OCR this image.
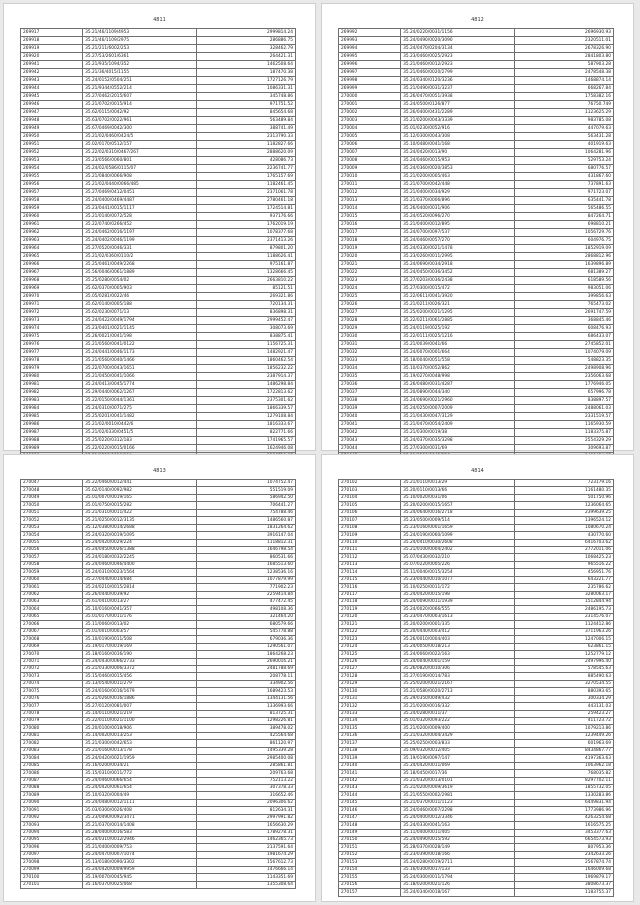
4811
269917	35.21/46/1109/4953	2999814.24
269918	35.21/46/1109/2975	286886.75
269919	35.21/211/6002/253	328462.79
269920	35.27/53/2601/6361	264421.31
269941	35.21/935/1094/352	1462508.64
269942	35.21/36/4015/1155	187470.38
269943	35.24/0152/0504/251	1727126.79
269944	35.21/9344/0552/214	1086331.31
269945	35.27/0462/2015/607	345748.86
269946	35.21/0702/0015/914	971751.52
269947	35.62/0115/0042/92	845654.68
269948	35.63/0702/0022/961	563489.84
269949	35.67/0469/0042/300	388741.49
269950	35.21/02/0460/0424/5	2313790.33
269951	35.02/0170/0512/157	1182827.66
269952	35.22/02/0310/0467/267	2888620.09
269953	35.23/0566/0060/801	428086.73
269954	35.24/02/0586/0115/07	2236741.77
269955	35.21/0840/0066/908	1765157.69
269956	35.21/02/0440/0066/485	1182461.45
269957	35.27/0469/0412/0451	2371061.78
269958	35.24/0400/0469/4487	2780461.18
269959	35.23/0441/0015/1117	1724514.81
269960	35.21/0140/0072/528	937176.66
269961	35.22/0740/0266/452	1762019.19
269962	35.24/0462/0016/1197	1078377.68
269963	35.24/0402/0046/1199	2371413.26
269964	35.27/0520/0046/331	879801.20
269965	35.21/02/0360/0110/2	1188626.41
269966	35.25/0461/0049/2268	975161.87
269967	35.56/0046/0061/1889	1328666.45
269968	35.25/0280/0054/02	2663810.22
269969	35.62/0370/0005/903	85121.51
269970	35.05/0281/0022/46	269321.86
269971	35.62/0140/0005/188	720134.31
269972	35.62/0230/0071/13	836898.31
269973	35.24/0422/0049/1794	2999452.47
269974	35.23/0401/0021/1145	308073.69
269975	35.26/0021/0041/198	838875.41
269976	35.21/0560/0041/0122	1156725.31
269977	35.24/0441/0046/1173	1482921.47
269978	35.21/0560/0040/1466	1860462.54
269979	35.22/0700/0043/1651	1856232.22
269980	35.21/0450/0041/1066	2387914.37
269981	35.24/0413/0045/1774	1486298.84
269982	35.29/0440/0062/1267	1722813.62
269983	35.22/0150/0044/1361	2375301.62
269984	35.24/0310/0071/275	1866339.57
269985	35.25/0201/0041/1482	1279108.84
269986	35.21/02/0010/0442/6	1816333.67
269987	35.21/02/0330/0451/5	822771.66
269988	35.25/0220/0312/183	1741965.57
269989	35.22/0220/0015/0166	1624946.08

4812
269992	35.24/0220/0031/1156	2696930.93
269993	35.24/0490/0020/3090	2320511.01
269994	35.24/0470/0204/3134	2678326.90
269995	35.23/0460/0025/2923	2841803.80
269996	35.21/0460/0012/2923	587903.28
269997	35.21/0460/0020/2799	2478548.38
269998	35.24/0340/0120/3236	1468874.14
269999	35.21/0490/0031/3237	668267.84
270000	35.26/0470/0051/3938	1758382.16
270001	35.24/0500/0126/877	76750.749
270002	35.26/0400/0431/2289	1123625.29
270003	35.21/0200/0043/3339	983785.08
270004	35.01/0230/0052/916	447079.63
270005	35.12/0300/0043/308	563431.28
270006	35.10/0480/0041/168	401919.63
270007	35.24/0420/0013/90	1064281.96
270008	35.24/0460/0015/953	529753.24
270009	35.24/0360/0020/3853	680776.57
270010	35.21/0200/0005/463	431867.60
270011	35.21/0700/0042/448	737891.63
270012	35.21/0400/0034/929	971723.07
270013	35.21/0370/0006/896	635441.78
270014	35.26/0400/0031/906	565486.55
270015	35.24/0520/0096/270	847264.71
270016	35.21/0400/0012/895	698810.21
270017	35.24/0700/0097/537	1056729.76
270018	35.24/0460/0057/270	604976.75
270019	35.24/0330/0021/1478	1852919.09
270020	35.23/0260/0011/2995	2868812.96
270021	35.24/0690/0034/2918	1639896.89
270022	35.24/0450/0036/3452	681389.27
270023	35.27/0203/0036/2438	618589.56
270024	35.27/0300/0015/472	983051.06
270025	35.22/0611/0041/3920	399856.63
270026	35.21/0211/0026/321	765473.02
270027	35.25/0200/0021/1295	2691747.59
270028	35.22/0211/0061/2885	368845.46
270029	35.24/0119/0025/192	608476.93
270030	35.22/0111/0025/1216	686433.07
270031	35.21/0039/0041/66	2745852.01
270032	35.24/0070/0001/664	1074079.09
270033	35.18/0040/0051/558	548823.35
270034	35.10/0370/0052/862	2498908.96
270035	35.19/0270/0048/998	2356063.68
270036	35.26/0480/0031/4287	1776946.05
270037	35.20/0890/0044/340	657996.78
270038	35.24/0690/0021/2960	838897.57
270039	35.24/0250/0007/2009	2488061.03
270040	35.21/0430/0047/3129	2331519.57
270041	35.21/0470/0054/2409	1165930.59
270042	35.21/0300/0019/38	1183375.87
270043	35.24/0370/0035/3298	2554329.29
270044	35.27/0300/0031/69	309693.87

4813
270047	35.22/0460/0012/441	1074752.47
270048	35.62/0140/0092/982	551519.09
270049	35.01/0070/0019/165	586942.50
270050	35.01/0750/0015/282	706441.27
270051	35.21/0310/0011/422	754788.46
270052	35.21/0250/0012/3135	1486560.87
270053	35.12/0380/0014/2688	1831264.62
270054	35.24/0320/0019/1095	3916147.04
270055	35.24/0420/0029/224	1118812.31
270056	35.24/0450/0026/1388	1646798.54
270057	35.24/0180/0032/2245	860531.66
270058	35.24/0460/0046/4400	1685513.60
270059	35.24/0310/0023/1564	1238536.16
270060	35.27/0440/0014/684	1077879.99
270061	35.24/0210/0015/2814	771902.23
270062	35.26/0440/0039/92	2259414.84
270063	35.61/0410/0013/27	477472.45
270064	35.10/0160/0041/357	498108.36
270065	35.01/0170/0011/176	321464.20
270066	35.11/0060/0013/02	680579.66
270067	35.01/0010/0003/57	545778.88
270068	35.10/0190/0011/508	679036.36
270069	35.19/0170/0019/169	1290561.07
270070	35.18/0160/0016/190	1864268.23
270071	35.24/0430/0066/2733	2690016.21
270072	35.21/0330/0006/3372	2481788.69
270073	35.15/0460/0015/456	208778.11
270074	35.13/0540/0011/279	334902.56
270075	35.24/0160/0016/1679	1689423.53
270076	35.21/0260/0016/1886	1344131.56
270077	35.27/0120/0081/007	1336993.66
270078	35.14/0110/0021/219	813725.31
270079	35.22/0110/0021/1100	1298226.81
270080	35.20/0100/0018/906	389478.02
270081	35.14/0020/0013/253	425564.68
270082	35.21/0300/0042/653	861120.97
270083	35.21/0160/0013/178	1495339.28
270084	35.24/0420/0021/1959	2985400.08
270085	35.16/0200/0034/21	285861.81
270086	35.15/0310/0011/772	209763.68
270087	35.24/0460/0066/654	752113.22
270088	35.24/0420/0061/654	307378.33
270089	35.10/0320/0004/49	316652.46
270090	35.24/0480/0012/1111	2096306.62
270091	35.03/0300/0026/408	812634.31
270092	35.23/0490/0092/3471	2997991.82
270093	35.21/0370/0014/1408	1656630.29
270094	35.28/0400/0016/583	1789278.31
270095	35.24/0310/0012/2946	1462365.73
270096	35.21/0400/0009/753	2137591.64
270097	35.24/0470/0007/1074	1981674.29
270098	35.13/0180/0090/3302	1567612.73
270099	35.24/0420/0009/9959	1476666.14
270100	35.19/0070/0045/945	1143351.69
270101	35.16/0370/0025/068	1355308.64
4814
270102	35.21/0110/0013/29	723179.16
270103	35.20/0110/0013/66	1161480.35
270104	35.10/0020/0031/06	501750.96
270105	35.20/0200/0015/1657	1236064.65
270106	35.24/0640/0016/2718	2399639.25
270107	35.23/0500/0009/514	1396524.12
270108	35.23/0160/0001/1659	1080670.24
270109	35.24/0190/0060/1099	430770.60
270110	35.24/0410/0030/2608	6416703.62
270111	35.21/0100/0004/2402	2772011.06
270112	35.07/0430/0032/210	1068425.23
270113	35.07/0220/0005/226	965516.22
270114	35.11/0040/0015/3254	456951.76
270115	35.23/0440/0010/1077	643221.77
270116	35.10/0250/0011/172	235786.62
270117	35.24/0420/0015/198	3280063.17
270118	35.24/0090/0011/1939	1512844.94
270119	35.24/0020/0066/555	2486195.73
270120	35.23/0470/0003/1613	2314576.07
270121	35.20/0200/0001/335	1124412.86
270122	35.20/0440/0003/412	3711963.26
270123	35.26/0010/0004/403	1247006.15
270124	35.24/0050/0018/213	623861.15
270125	35.24/0060/0022/163	1252779.12
270126	35.24/0040/0001/159	2497996.40
270127	35.26/0820/0010/306	578545.63
270128	35.27/0190/0014/783	885490.63
270129	35.25/0200/0021/2167	3270534.55
270130	35.21/0580/0020/2713	880393.65
270131	35.29/0350/0049/432	300334.29
270132	35.21/0200/0016/332	443131.03
270133	35.24/0280/0011/37	259423.27
270134	35.01/0320/0093/222	411723.72
270135	35.21/0200/0009/400	1079213.86
270136	35.21/0320/0004/3429	1239449.26
270137	35.25/0250/0003/833	601963.69
270138	35.09/0320/0012/405	8434867.77
270139	35.19/0190/0097/147	4197363.63
270140	35.24/0420/0011/069	1063962.18
270141	35.18/0450/0017/36	768035.82
270142	35.21/0320/0013/0101	8297702.11
270143	35.21/0200/0009/3619	1855732.05
270144	35.21/0550/0002/2981	1330283.86
270145	35.21/0370/0011/1123	6449831.94
270146	35.24/0460/0007/2298	1773986.96
270147	35.24/0400/0012/3346	4263254.68
270148	35.24/0330/0041/163	1616575.25
270149	35.11/0400/0011/405	3453377.63
270150	35.24/0490/0015/592	6654573.93
270151	35.28/0370/0028/149	807953.36
270152	35.23/0390/0018/166	2342633.26
270153	35.24/0280/0019/2711	2567874.74
270154	35.16/0300/0017/133	1646009.68
270155	35.24/0300/0011/1794	1969879.17
270156	35.18/0200/0021/126	3808673.37
270157	35.24/0340/0018/167	1183755.37
